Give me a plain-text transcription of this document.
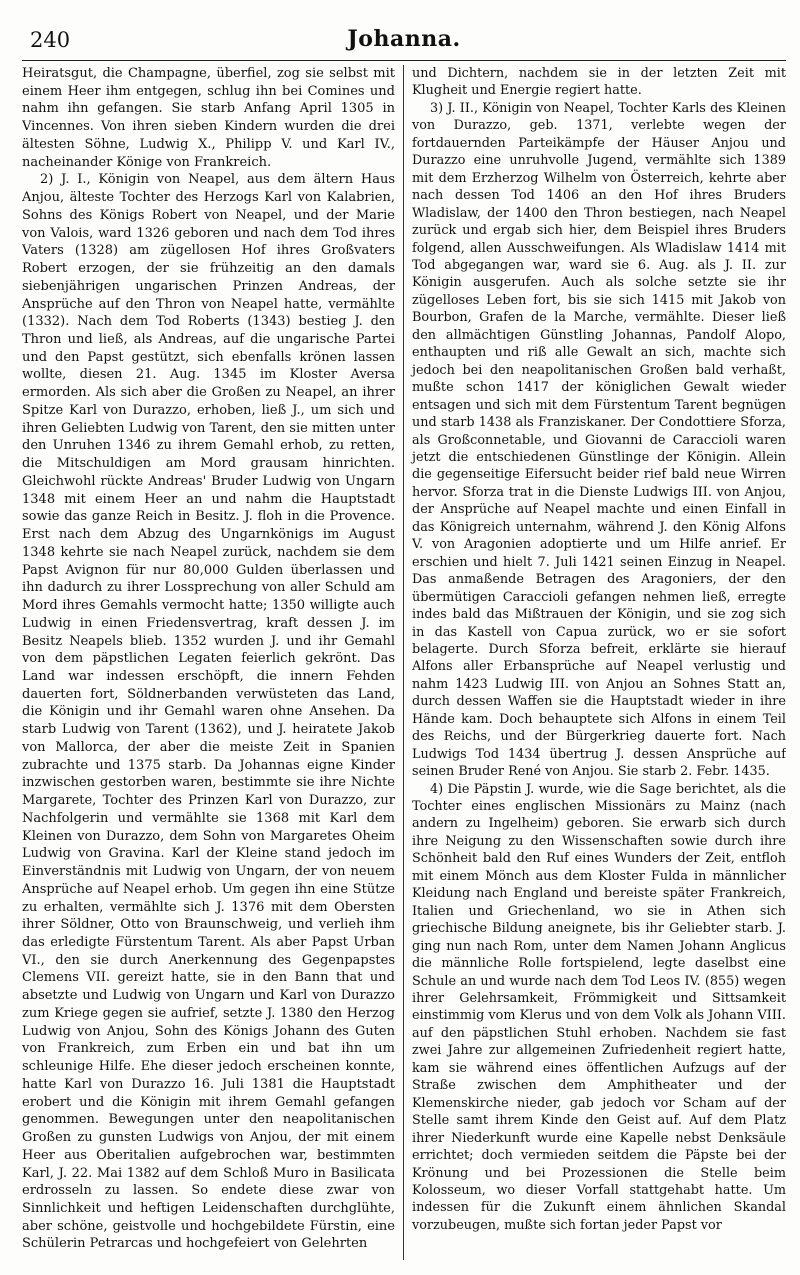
240	Johanna.

Heiratsgut, die Champagne, überfiel, zog sie selbst mit einem Heer ihm entgegen, schlug ihn bei Comines und nahm ihn gefangen. Sie starb Anfang April 1305 in Vincennes. Von ihren sieben Kindern wurden die drei ältesten Söhne, Ludwig X., Philipp V. und Karl IV., nacheinander Könige von Frankreich.

2) J. I., Königin von Neapel, aus dem ältern Haus Anjou, älteste Tochter des Herzogs Karl von Kalabrien, Sohns des Königs Robert von Neapel, und der Marie von Valois, ward 1326 geboren und nach dem Tod ihres Vaters (1328) am zügellosen Hof ihres Großvaters Robert erzogen, der sie frühzeitig an den damals siebenjährigen ungarischen Prinzen Andreas, der Ansprüche auf den Thron von Neapel hatte, vermählte (1332). Nach dem Tod Roberts (1343) bestieg J. den Thron und ließ, als Andreas, auf die ungarische Partei und den Papst gestützt, sich ebenfalls krönen lassen wollte, diesen 21. Aug. 1345 im Kloster Aversa ermorden. Als sich aber die Großen zu Neapel, an ihrer Spitze Karl von Durazzo, erhoben, ließ J., um sich und ihren Geliebten Ludwig von Tarent, den sie mitten unter den Unruhen 1346 zu ihrem Gemahl erhob, zu retten, die Mitschuldigen am Mord grausam hinrichten. Gleichwohl rückte Andreas' Bruder Ludwig von Ungarn 1348 mit einem Heer an und nahm die Hauptstadt sowie das ganze Reich in Besitz. J. floh in die Provence. Erst nach dem Abzug des Ungarnkönigs im August 1348 kehrte sie nach Neapel zurück, nachdem sie dem Papst Avignon für nur 80,000 Gulden überlassen und ihn dadurch zu ihrer Lossprechung von aller Schuld am Mord ihres Gemahls vermocht hatte; 1350 willigte auch Ludwig in einen Friedensvertrag, kraft dessen J. im Besitz Neapels blieb. 1352 wurden J. und ihr Gemahl von dem päpstlichen Legaten feierlich gekrönt. Das Land war indessen erschöpft, die innern Fehden dauerten fort, Söldnerbanden verwüsteten das Land, die Königin und ihr Gemahl waren ohne Ansehen. Da starb Ludwig von Tarent (1362), und J. heiratete Jakob von Mallorca, der aber die meiste Zeit in Spanien zubrachte und 1375 starb. Da Johannas eigne Kinder inzwischen gestorben waren, bestimmte sie ihre Nichte Margarete, Tochter des Prinzen Karl von Durazzo, zur Nachfolgerin und vermählte sie 1368 mit Karl dem Kleinen von Durazzo, dem Sohn von Margaretes Oheim Ludwig von Gravina. Karl der Kleine stand jedoch im Einverständnis mit Ludwig von Ungarn, der von neuem Ansprüche auf Neapel erhob. Um gegen ihn eine Stütze zu erhalten, vermählte sich J. 1376 mit dem Obersten ihrer Söldner, Otto von Braunschweig, und verlieh ihm das erledigte Fürstentum Tarent. Als aber Papst Urban VI., den sie durch Anerkennung des Gegenpapstes Clemens VII. gereizt hatte, sie in den Bann that und absetzte und Ludwig von Ungarn und Karl von Durazzo zum Kriege gegen sie aufrief, setzte J. 1380 den Herzog Ludwig von Anjou, Sohn des Königs Johann des Guten von Frankreich, zum Erben ein und bat ihn um schleunige Hilfe. Ehe dieser jedoch erscheinen konnte, hatte Karl von Durazzo 16. Juli 1381 die Hauptstadt erobert und die Königin mit ihrem Gemahl gefangen genommen. Bewegungen unter den neapolitanischen Großen zu gunsten Ludwigs von Anjou, der mit einem Heer aus Oberitalien aufgebrochen war, bestimmten Karl, J. 22. Mai 1382 auf dem Schloß Muro in Basilicata erdrosseln zu lassen. So endete diese zwar von Sinnlichkeit und heftigen Leidenschaften durchglühte, aber schöne, geistvolle und hochgebildete Fürstin, eine Schülerin Petrarcas und hochgefeiert von Gelehrten

und Dichtern, nachdem sie in der letzten Zeit mit Klugheit und Energie regiert hatte.

3) J. II., Königin von Neapel, Tochter Karls des Kleinen von Durazzo, geb. 1371, verlebte wegen der fortdauernden Parteikämpfe der Häuser Anjou und Durazzo eine unruhvolle Jugend, vermählte sich 1389 mit dem Erzherzog Wilhelm von Österreich, kehrte aber nach dessen Tod 1406 an den Hof ihres Bruders Wladislaw, der 1400 den Thron bestiegen, nach Neapel zurück und ergab sich hier, dem Beispiel ihres Bruders folgend, allen Ausschweifungen. Als Wladislaw 1414 mit Tod abgegangen war, ward sie 6. Aug. als J. II. zur Königin ausgerufen. Auch als solche setzte sie ihr zügelloses Leben fort, bis sie sich 1415 mit Jakob von Bourbon, Grafen de la Marche, vermählte. Dieser ließ den allmächtigen Günstling Johannas, Pandolf Alopo, enthaupten und riß alle Gewalt an sich, machte sich jedoch bei den neapolitanischen Großen bald verhaßt, mußte schon 1417 der königlichen Gewalt wieder entsagen und sich mit dem Fürstentum Tarent begnügen und starb 1438 als Franziskaner. Der Condottiere Sforza, als Großconnetable, und Giovanni de Caraccioli waren jetzt die entschiedenen Günstlinge der Königin. Allein die gegenseitige Eifersucht beider rief bald neue Wirren hervor. Sforza trat in die Dienste Ludwigs III. von Anjou, der Ansprüche auf Neapel machte und einen Einfall in das Königreich unternahm, während J. den König Alfons V. von Aragonien adoptierte und um Hilfe anrief. Er erschien und hielt 7. Juli 1421 seinen Einzug in Neapel. Das anmaßende Betragen des Aragoniers, der den übermütigen Caraccioli gefangen nehmen ließ, erregte indes bald das Mißtrauen der Königin, und sie zog sich in das Kastell von Capua zurück, wo er sie sofort belagerte. Durch Sforza befreit, erklärte sie hierauf Alfons aller Erbansprüche auf Neapel verlustig und nahm 1423 Ludwig III. von Anjou an Sohnes Statt an, durch dessen Waffen sie die Hauptstadt wieder in ihre Hände kam. Doch behauptete sich Alfons in einem Teil des Reichs, und der Bürgerkrieg dauerte fort. Nach Ludwigs Tod 1434 übertrug J. dessen Ansprüche auf seinen Bruder René von Anjou. Sie starb 2. Febr. 1435.

4) Die Päpstin J. wurde, wie die Sage berichtet, als die Tochter eines englischen Missionärs zu Mainz (nach andern zu Ingelheim) geboren. Sie erwarb sich durch ihre Neigung zu den Wissenschaften sowie durch ihre Schönheit bald den Ruf eines Wunders der Zeit, entfloh mit einem Mönch aus dem Kloster Fulda in männlicher Kleidung nach England und bereiste später Frankreich, Italien und Griechenland, wo sie in Athen sich griechische Bildung aneignete, bis ihr Geliebter starb. J. ging nun nach Rom, unter dem Namen Johann Anglicus die männliche Rolle fortspielend, legte daselbst eine Schule an und wurde nach dem Tod Leos IV. (855) wegen ihrer Gelehrsamkeit, Frömmigkeit und Sittsamkeit einstimmig vom Klerus und von dem Volk als Johann VIII. auf den päpstlichen Stuhl erhoben. Nachdem sie fast zwei Jahre zur allgemeinen Zufriedenheit regiert hatte, kam sie während eines öffentlichen Aufzugs auf der Straße zwischen dem Amphitheater und der Klemenskirche nieder, gab jedoch vor Scham auf der Stelle samt ihrem Kinde den Geist auf. Auf dem Platz ihrer Niederkunft wurde eine Kapelle nebst Denksäule errichtet; doch vermieden seitdem die Päpste bei der Krönung und bei Prozessionen die Stelle beim Kolosseum, wo dieser Vorfall stattgehabt hatte. Um indessen für die Zukunft einem ähnlichen Skandal vorzubeugen, mußte sich fortan jeder Papst vor
